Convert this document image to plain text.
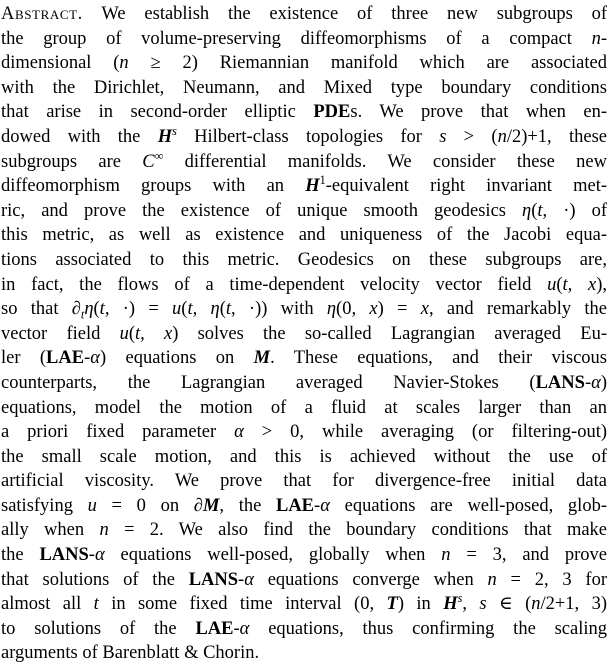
Abstract. We establish the existence of three new subgroups of
the group of volume-preserving diffeomorphisms of a compact n-
dimensional (n ≥ 2) Riemannian manifold which are associated
with the Dirichlet, Neumann, and Mixed type boundary conditions
that arise in second-order elliptic PDEs. We prove that when en-
dowed with the $H^s$ Hilbert-class topologies for s > (n/2)+1, these
subgroups are C∞ differential manifolds. We consider these new
diffeomorphism groups with an $H^1$-equivalent right invariant met-
ric, and prove the existence of unique smooth geodesics η(t, ·) of
this metric, as well as existence and uniqueness of the Jacobi equa-
tions associated to this metric. Geodesics on these subgroups are,
in fact, the flows of a time-dependent velocity vector field u(t, x),
so that $\partial_t\eta(t$, ·) = u(t, η(t, ·)) with η(0, x) = x, and remarkably the
vector field u(t, x) solves the so-called Lagrangian averaged Eu-
ler (LAE-α) equations on M. These equations, and their viscous
counterparts, the Lagrangian averaged Navier-Stokes (LANS-α)
equations, model the motion of a fluid at scales larger than an
a priori fixed parameter α > 0, while averaging (or filtering-out)
the small scale motion, and this is achieved without the use of
artificial viscosity. We prove that for divergence-free initial data
satisfying u = 0 on ∂M, the LAE-α equations are well-posed, glob-
ally when n = 2. We also find the boundary conditions that make
the LANS-α equations well-posed, globally when n = 3, and prove
that solutions of the LANS-α equations converge when n = 2, 3 for
almost all t in some fixed time interval (0, T) in $H^s$, s ∈ (n/2+1, 3)
to solutions of the LAE-α equations, thus confirming the scaling
arguments of Barenblatt & Chorin.
